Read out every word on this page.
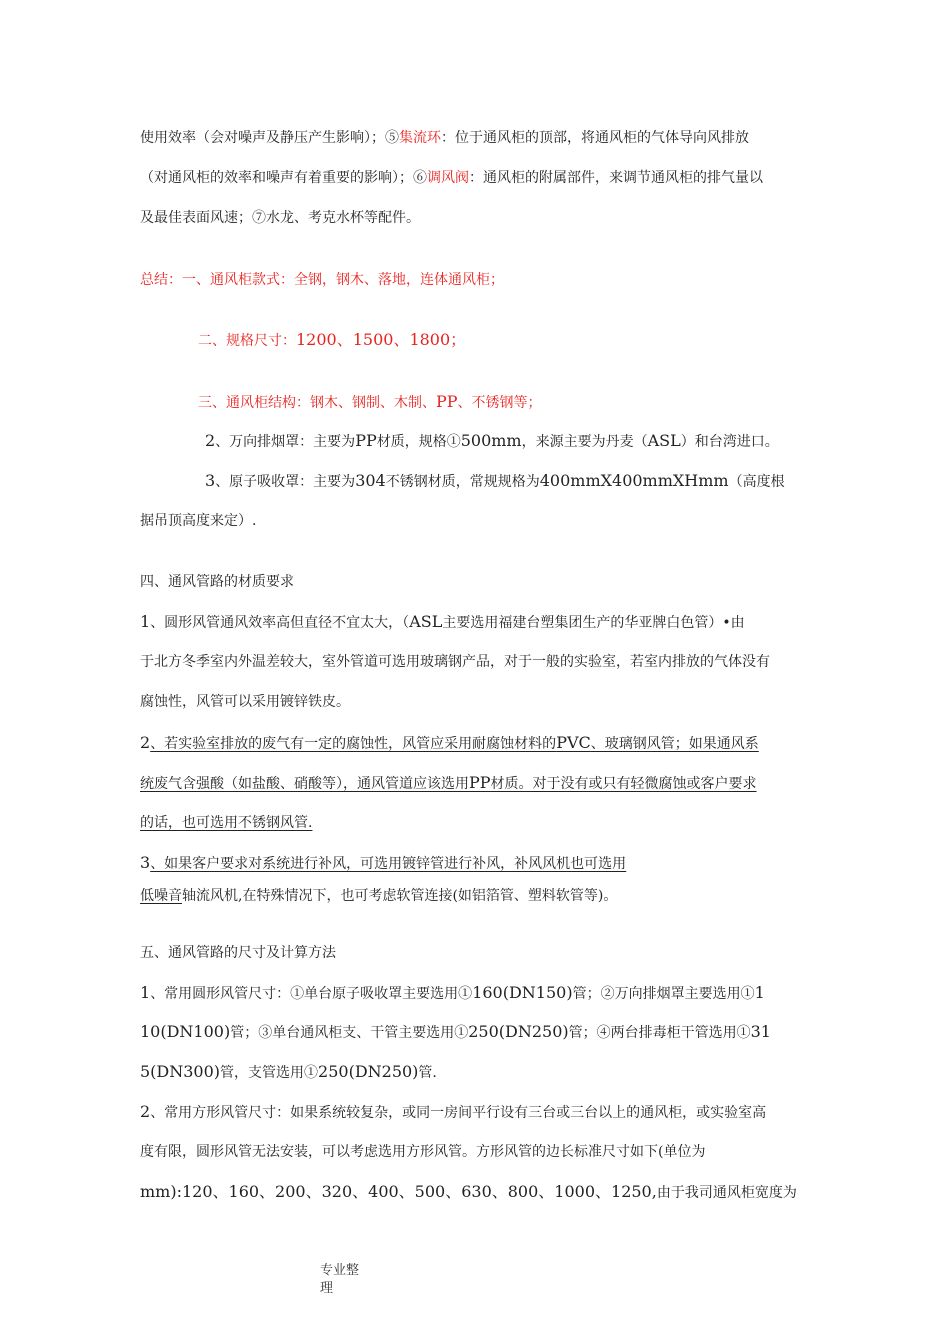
使用效率（会对噪声及静压产生影响）；⑤集流环：位于通风柜的顶部，将通风柜的气体导向风排放
（对通风柜的效率和噪声有着重要的影响）；⑥调风阀：通风柜的附属部件，来调节通风柜的排气量以
及最佳表面风速；⑦水龙、考克水杯等配件。
总结：一、通风柜款式：全钢，钢木、落地，连体通风柜；
二、规格尺寸：1200、1500、1800；
三、通风柜结构：钢木、钢制、木制、PP、不锈钢等；
2、万向排烟罩：主要为PP材质，规格①500mm，来源主要为丹麦（ASL）和台湾进口。
3、原子吸收罩：主要为304不锈钢材质，常规规格为400mmX400mmXHmm（高度根
据吊顶高度来定）.
四、通风管路的材质要求
1、圆形风管通风效率高但直径不宜太大，（ASL主要选用福建台塑集团生产的华亚牌白色管）•由
于北方冬季室内外温差较大，室外管道可选用玻璃钢产品，对于一般的实验室，若室内排放的气体没有
腐蚀性，风管可以采用镀锌铁皮。
2、若实验室排放的废气有一定的腐蚀性，风管应采用耐腐蚀材料的PVC、玻璃钢风管；如果通风系
统废气含强酸（如盐酸、硝酸等），通风管道应该选用PP材质。对于没有或只有轻微腐蚀或客户要求
的话，也可选用不锈钢风管.
3、如果客户要求对系统进行补风，可选用镀锌管进行补风，补风风机也可选用
低噪音轴流风机,在特殊情况下，也可考虑软管连接(如铝箔管、塑料软管等)。
五、通风管路的尺寸及计算方法
1、常用圆形风管尺寸：①单台原子吸收罩主要选用①160(DN150)管；②万向排烟罩主要选用①1
10(DN100)管；③单台通风柜支、干管主要选用①250(DN250)管；④两台排毒柜干管选用①31
5(DN300)管，支管选用①250(DN250)管.
2、常用方形风管尺寸：如果系统较复杂，或同一房间平行设有三台或三台以上的通风柜，或实验室高
度有限，圆形风管无法安装，可以考虑选用方形风管。方形风管的边长标准尺寸如下(单位为
mm):120、160、200、320、400、500、630、800、1000、1250,由于我司通风柜宽度为
专业整
理
